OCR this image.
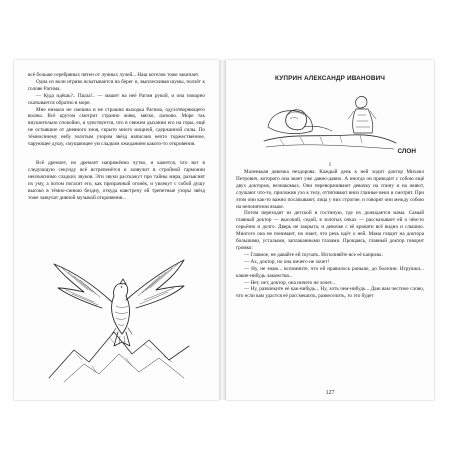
всё больше серебряных пятен от лунных лучей... Наш котелок тоже закипает.

Одна из волн игриво вскатывается на берег и, выплескивая шумы, ползёт к голове Рагима.

— Куда идёшь?.. Пшла!.. — машет на неё Рагим рукой, и она покорно скатывается обратно в море.

Мне нимало не смешна и не страшна выходка Рагима, одухотворяющего волны. Всё кругом смотрит странно живо, мягко, ласково. Море так внушительно спокойно, и чувствуется, что в свежем дыхании его на горы, ещё не остывшие от дневного зноя, скрыто много мощной, сдержанной силы. По тёмносинему небу золотым узором звёзд написано нечто торжественное, чарующее душу, смущающее ум сладким ожиданием какого-то откровения.

Всё дремлет, но дремлет напряжённо чутко, и кажется, что вот в следующую секунду всё встрепенётся и зазвучит в стройной гармонии неизъяснимо сладких звуков. Эти звуки расскажут про тайны мира, разъяснят их уму, а потом погасят его, как призрачный огонёк, и увлекут с собой душу высоко в тёмно-синюю бездну, откуда навстречу ей трепетные узоры звёзд тоже зазвучат дивной музыкой откровения...

КУПРИН АЛЕКСАНДР ИВАНОВИЧ
СЛОН

I

Маленькая девочка нездорова. Каждый день к ней ходит доктор Михаил Петрович, которого она знает уже давно-давно. А иногда он приводит с собою ещё двух докторов, незнакомых. Они переворачивают девочку на спину и на живот, слушают что-то, приложив ухо к телу, оттягивают вниз глазные веки и смотрят. При этом они как-то важно посапывают, лица у них строгие, и говорят они между собою на непонятном языке.

Потом переходят из детской в гостиную, где их дожидается мама. Самый главный доктор — высокий, седой, в золотых очках — рассказывает ей о чём-то серьёзно и долго. Дверь не закрыта, и девочке с её кровати всё видно и слышно. Многого она не понимает, но знает, что речь идёт о ней. Мама глядит на доктора большими, усталыми, заплаканными глазами. Прощаясь, главный доктор говорит громко:

— Главное, не давайте ей скучать. Исполняйте все её капризы.

— Ах, доктор, но она ничего не хочет!

— Ну, не знаю... вспомните, что ей нравилось раньше, до болезни. Игрушки... какие-нибудь лакомства...

— Нет, нет, доктор, она ничего не хочет...

— Ну, развлеките её как-нибудь... Ну, хоть чем-нибудь... Даю вам честное слово, что если вам удастся её рассмешить, развеселить, то это будет

127
